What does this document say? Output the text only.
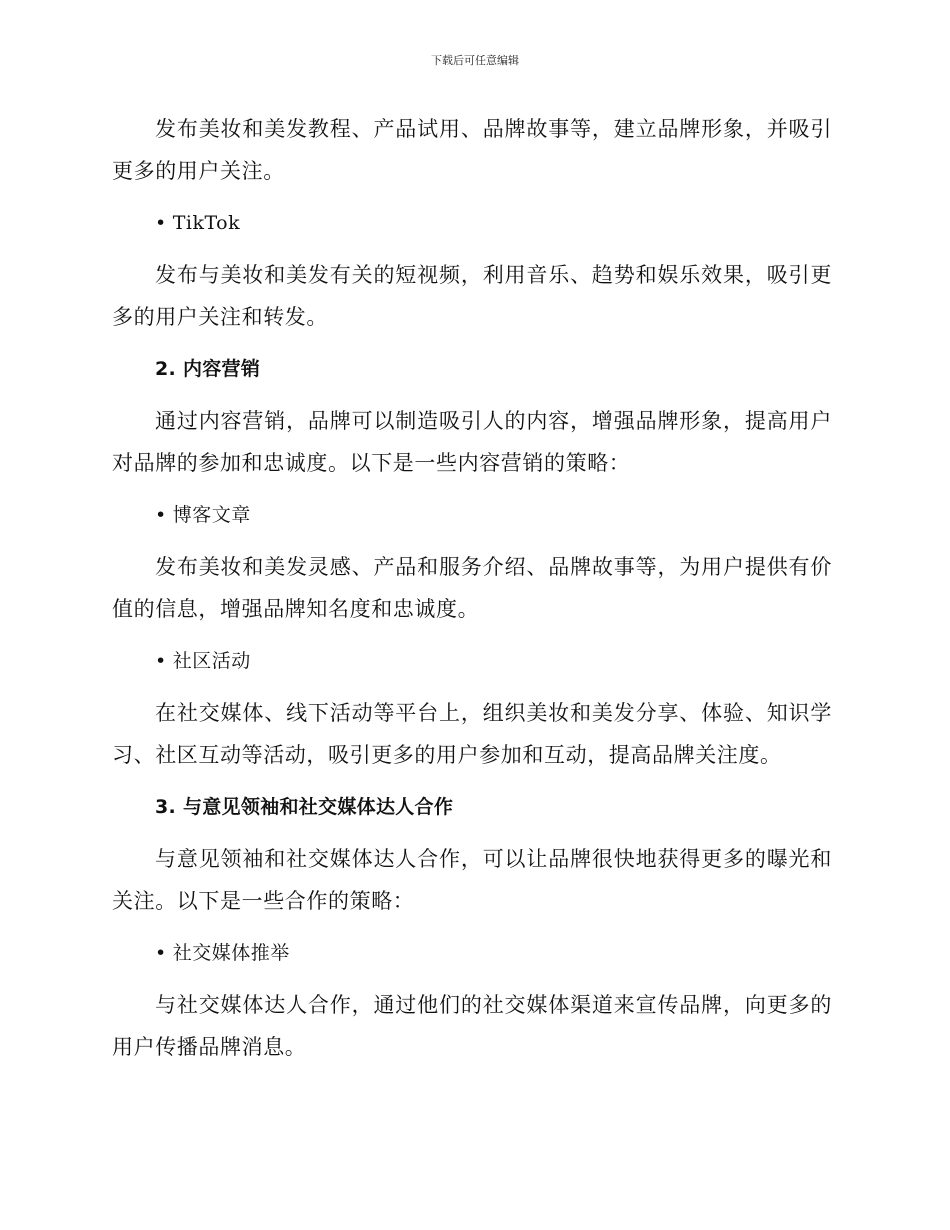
下载后可任意编辑

发布美妆和美发教程、产品试用、品牌故事等，建立品牌形象，并吸引更多的用户关注。

• TikTok

发布与美妆和美发有关的短视频，利用音乐、趋势和娱乐效果，吸引更多的用户关注和转发。

2. 内容营销

通过内容营销，品牌可以制造吸引人的内容，增强品牌形象，提高用户对品牌的参加和忠诚度。以下是一些内容营销的策略：

• 博客文章

发布美妆和美发灵感、产品和服务介绍、品牌故事等，为用户提供有价值的信息，增强品牌知名度和忠诚度。

• 社区活动

在社交媒体、线下活动等平台上，组织美妆和美发分享、体验、知识学习、社区互动等活动，吸引更多的用户参加和互动，提高品牌关注度。

3. 与意见领袖和社交媒体达人合作

与意见领袖和社交媒体达人合作，可以让品牌很快地获得更多的曝光和关注。以下是一些合作的策略：

• 社交媒体推举

与社交媒体达人合作，通过他们的社交媒体渠道来宣传品牌，向更多的用户传播品牌消息。
